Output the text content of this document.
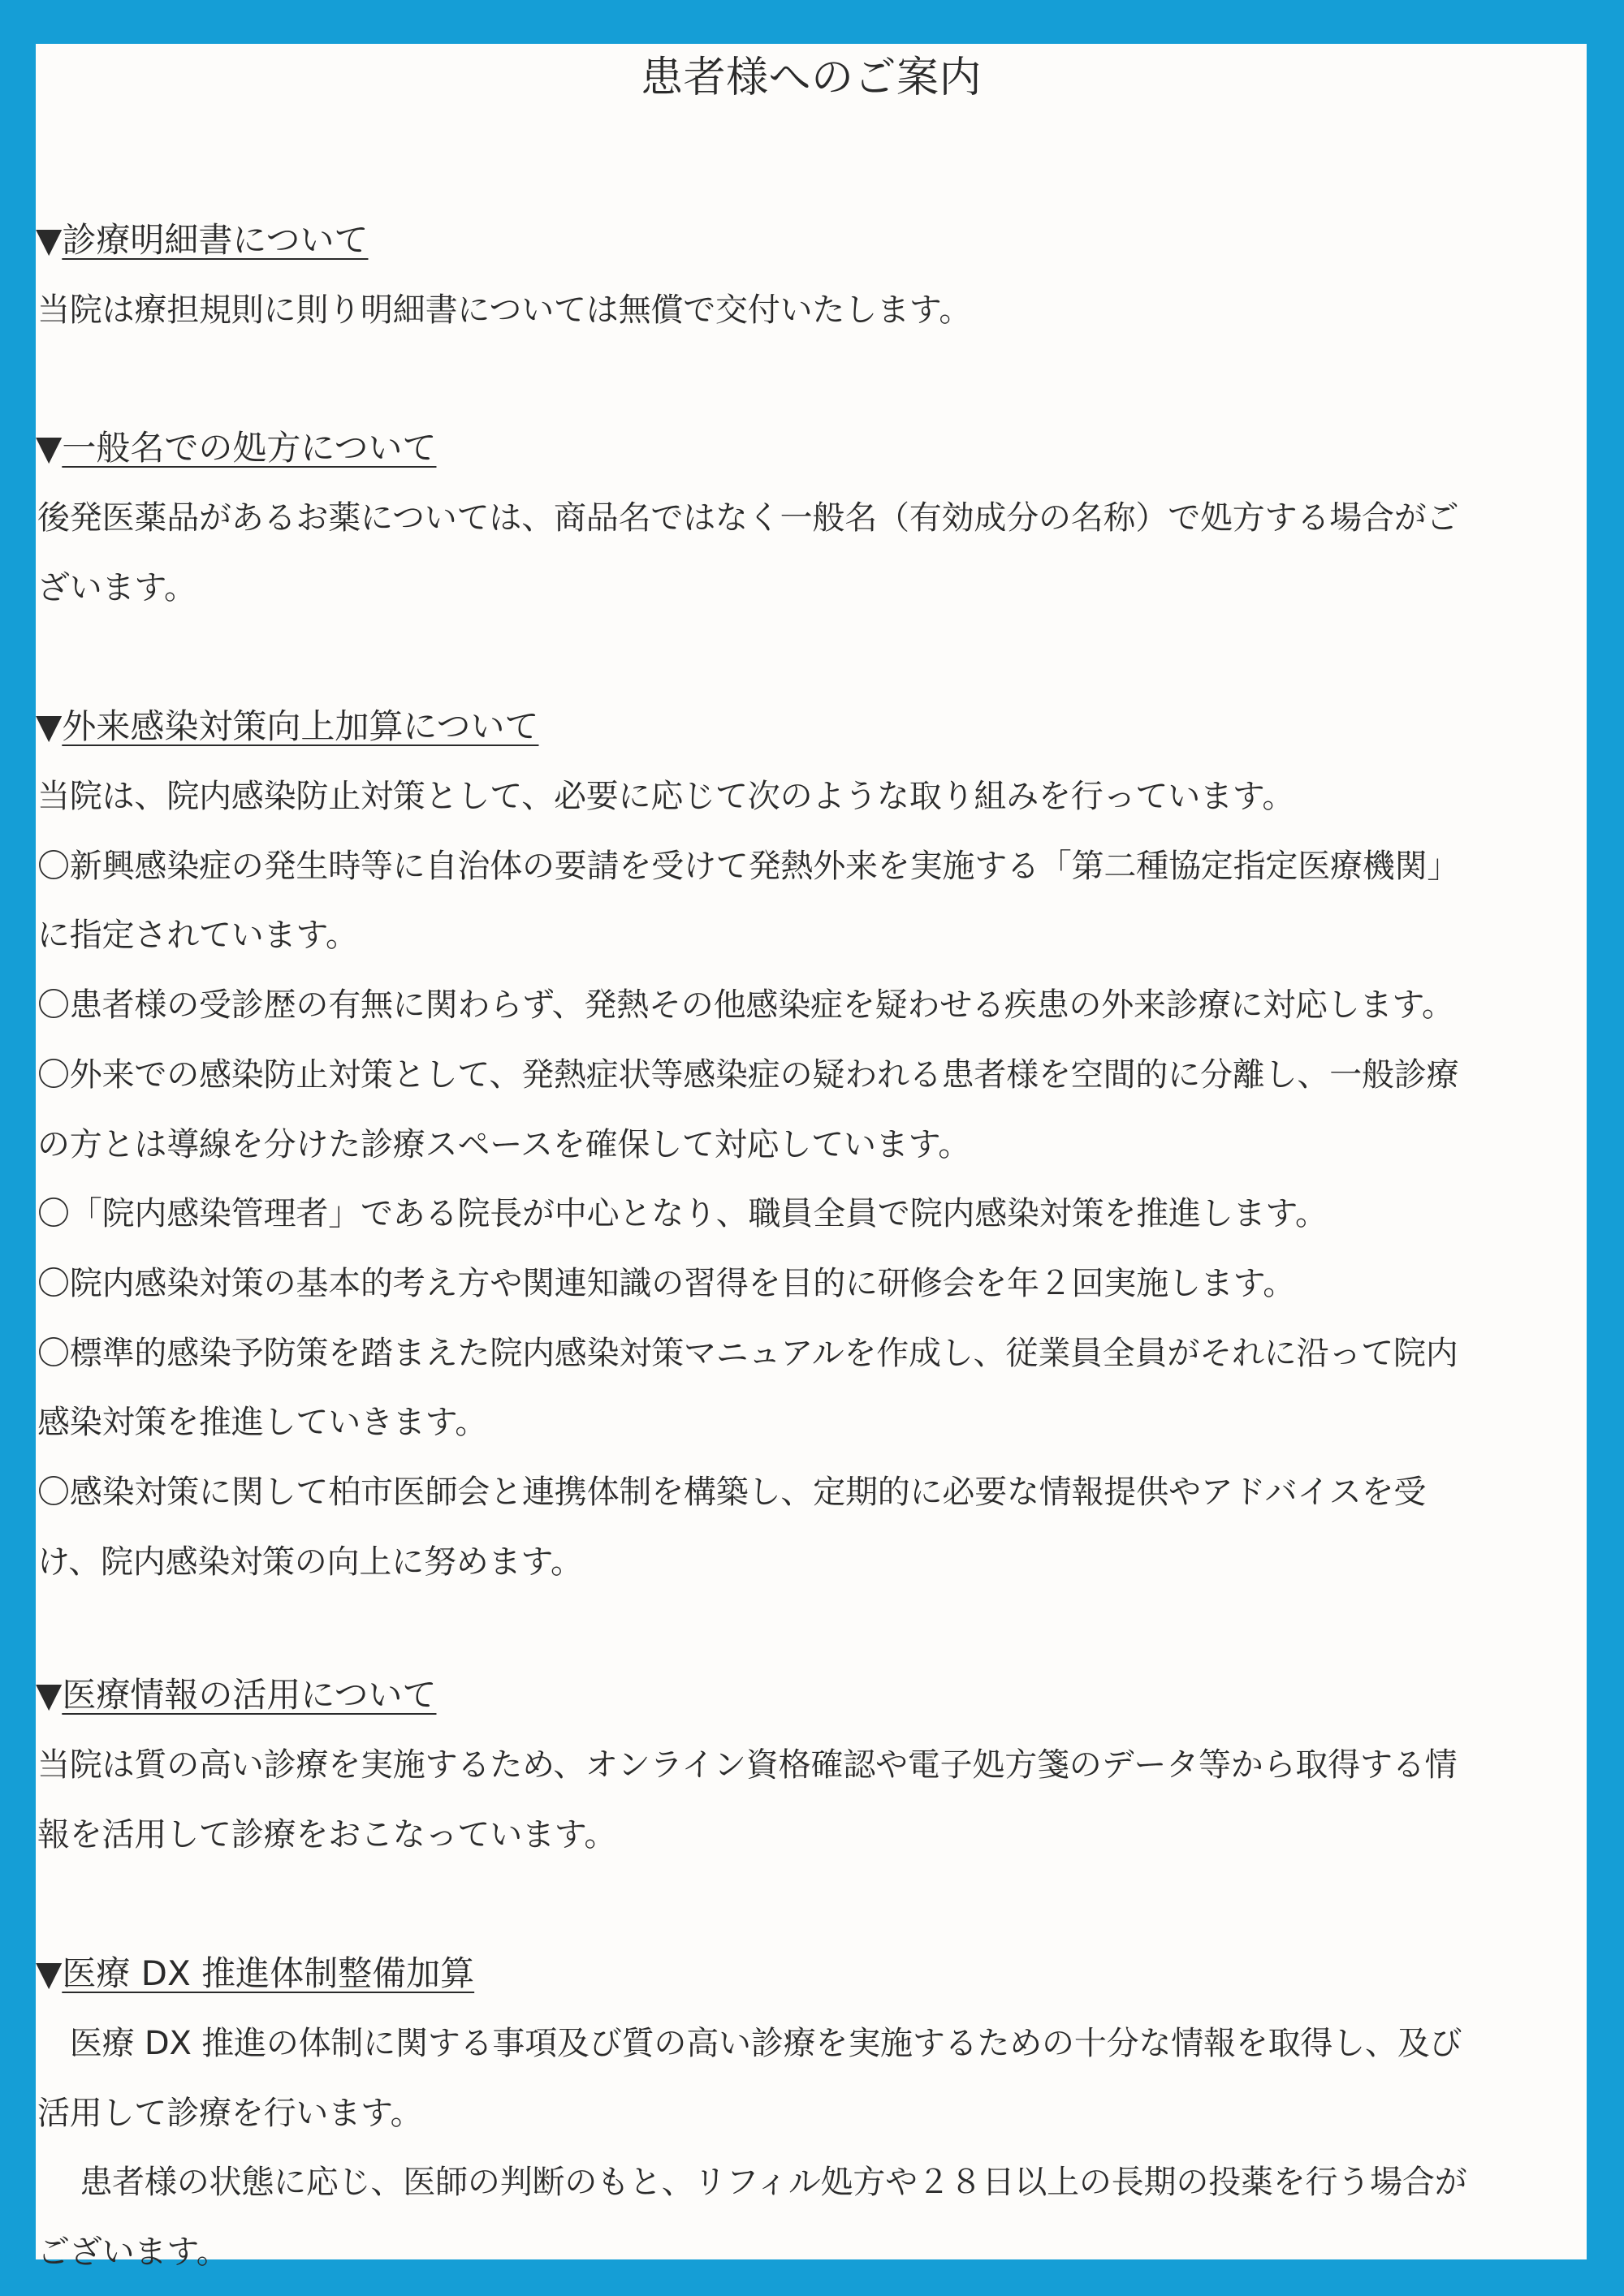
患者様へのご案内
▼診療明細書について

当院は療担規則に則り明細書については無償で交付いたします。

▼一般名での処方について

後発医薬品があるお薬については、商品名ではなく一般名（有効成分の名称）で処方する場合がご

ざいます。

▼外来感染対策向上加算について

当院は、院内感染防止対策として、必要に応じて次のような取り組みを行っています。

〇新興感染症の発生時等に自治体の要請を受けて発熱外来を実施する「第二種協定指定医療機関」

に指定されています。

〇患者様の受診歴の有無に関わらず、発熱その他感染症を疑わせる疾患の外来診療に対応します。

〇外来での感染防止対策として、発熱症状等感染症の疑われる患者様を空間的に分離し、一般診療

の方とは導線を分けた診療スペースを確保して対応しています。

〇「院内感染管理者」である院長が中心となり、職員全員で院内感染対策を推進します。

〇院内感染対策の基本的考え方や関連知識の習得を目的に研修会を年２回実施します。

〇標準的感染予防策を踏まえた院内感染対策マニュアルを作成し、従業員全員がそれに沿って院内

感染対策を推進していきます。

〇感染対策に関して柏市医師会と連携体制を構築し、定期的に必要な情報提供やアドバイスを受

け、院内感染対策の向上に努めます。

▼医療情報の活用について

当院は質の高い診療を実施するため、オンライン資格確認や電子処方箋のデータ等から取得する情

報を活用して診療をおこなっています。

▼医療 DX 推進体制整備加算

　医療 DX 推進の体制に関する事項及び質の高い診療を実施するための十分な情報を取得し、及び

活用して診療を行います。

　 患者様の状態に応じ、医師の判断のもと、リフィル処方や２８日以上の長期の投薬を行う場合が

ございます。
